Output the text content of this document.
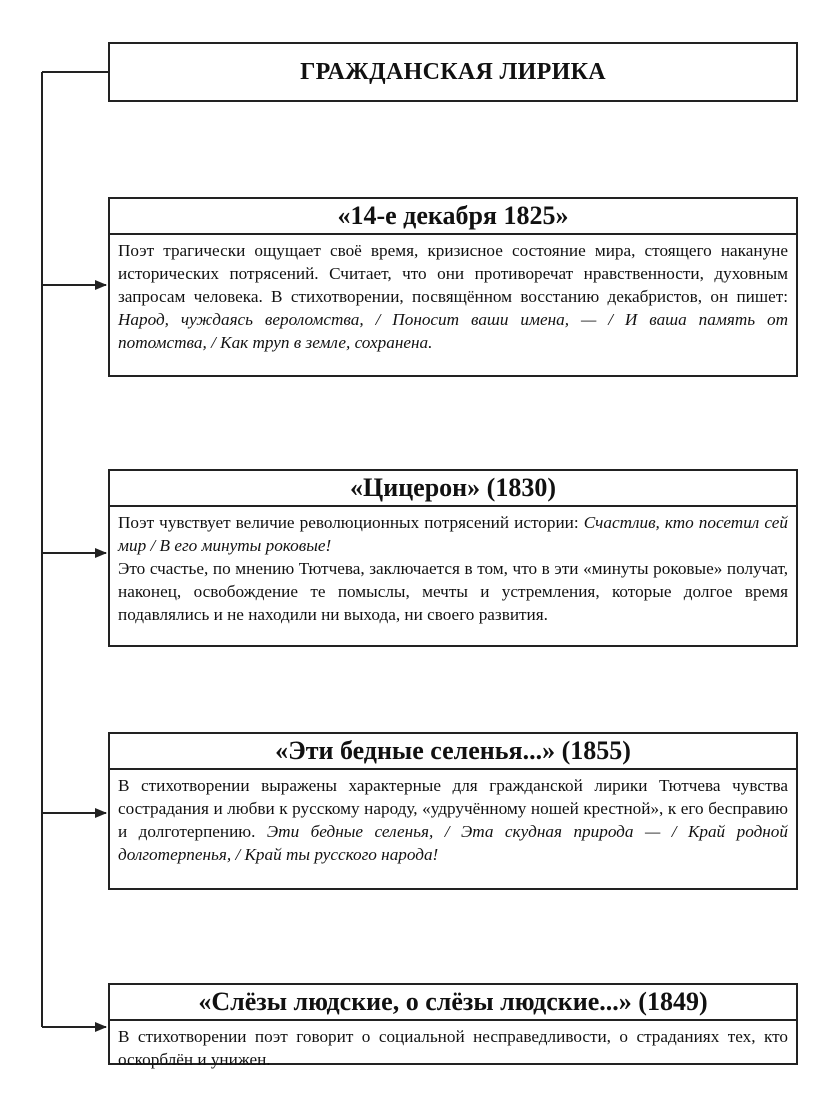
ГРАЖДАНСКАЯ ЛИРИКА
«14-е декабря 1825»
Поэт трагически ощущает своё время, кризисное состояние мира, стоящего накануне исторических потрясений. Считает, что они противоречат нравственности, духовным запросам человека. В стихотворении, посвящённом восстанию декабристов, он пишет: Народ, чуждаясь вероломства, / Поносит ваши имена, — / И ваша память от потомства, / Как труп в земле, сохранена.
«Цицерон» (1830)
Поэт чувствует величие революционных потрясений истории: Счастлив, кто посетил сей мир / В его минуты роковые!
Это счастье, по мнению Тютчева, заключается в том, что в эти «минуты роковые» получат, наконец, освобождение те помыслы, мечты и устремления, которые долгое время подавлялись и не находили ни выхода, ни своего развития.
«Эти бедные селенья...» (1855)
В стихотворении выражены характерные для гражданской лирики Тютчева чувства сострадания и любви к русскому народу, «удручённому ношей крестной», к его бесправию и долготерпению. Эти бедные селенья, / Эта скудная природа — / Край родной долготерпенья, / Край ты русского народа!
«Слёзы людские, о слёзы людские...» (1849)
В стихотворении поэт говорит о социальной несправедливости, о страданиях тех, кто оскорблён и унижен.
